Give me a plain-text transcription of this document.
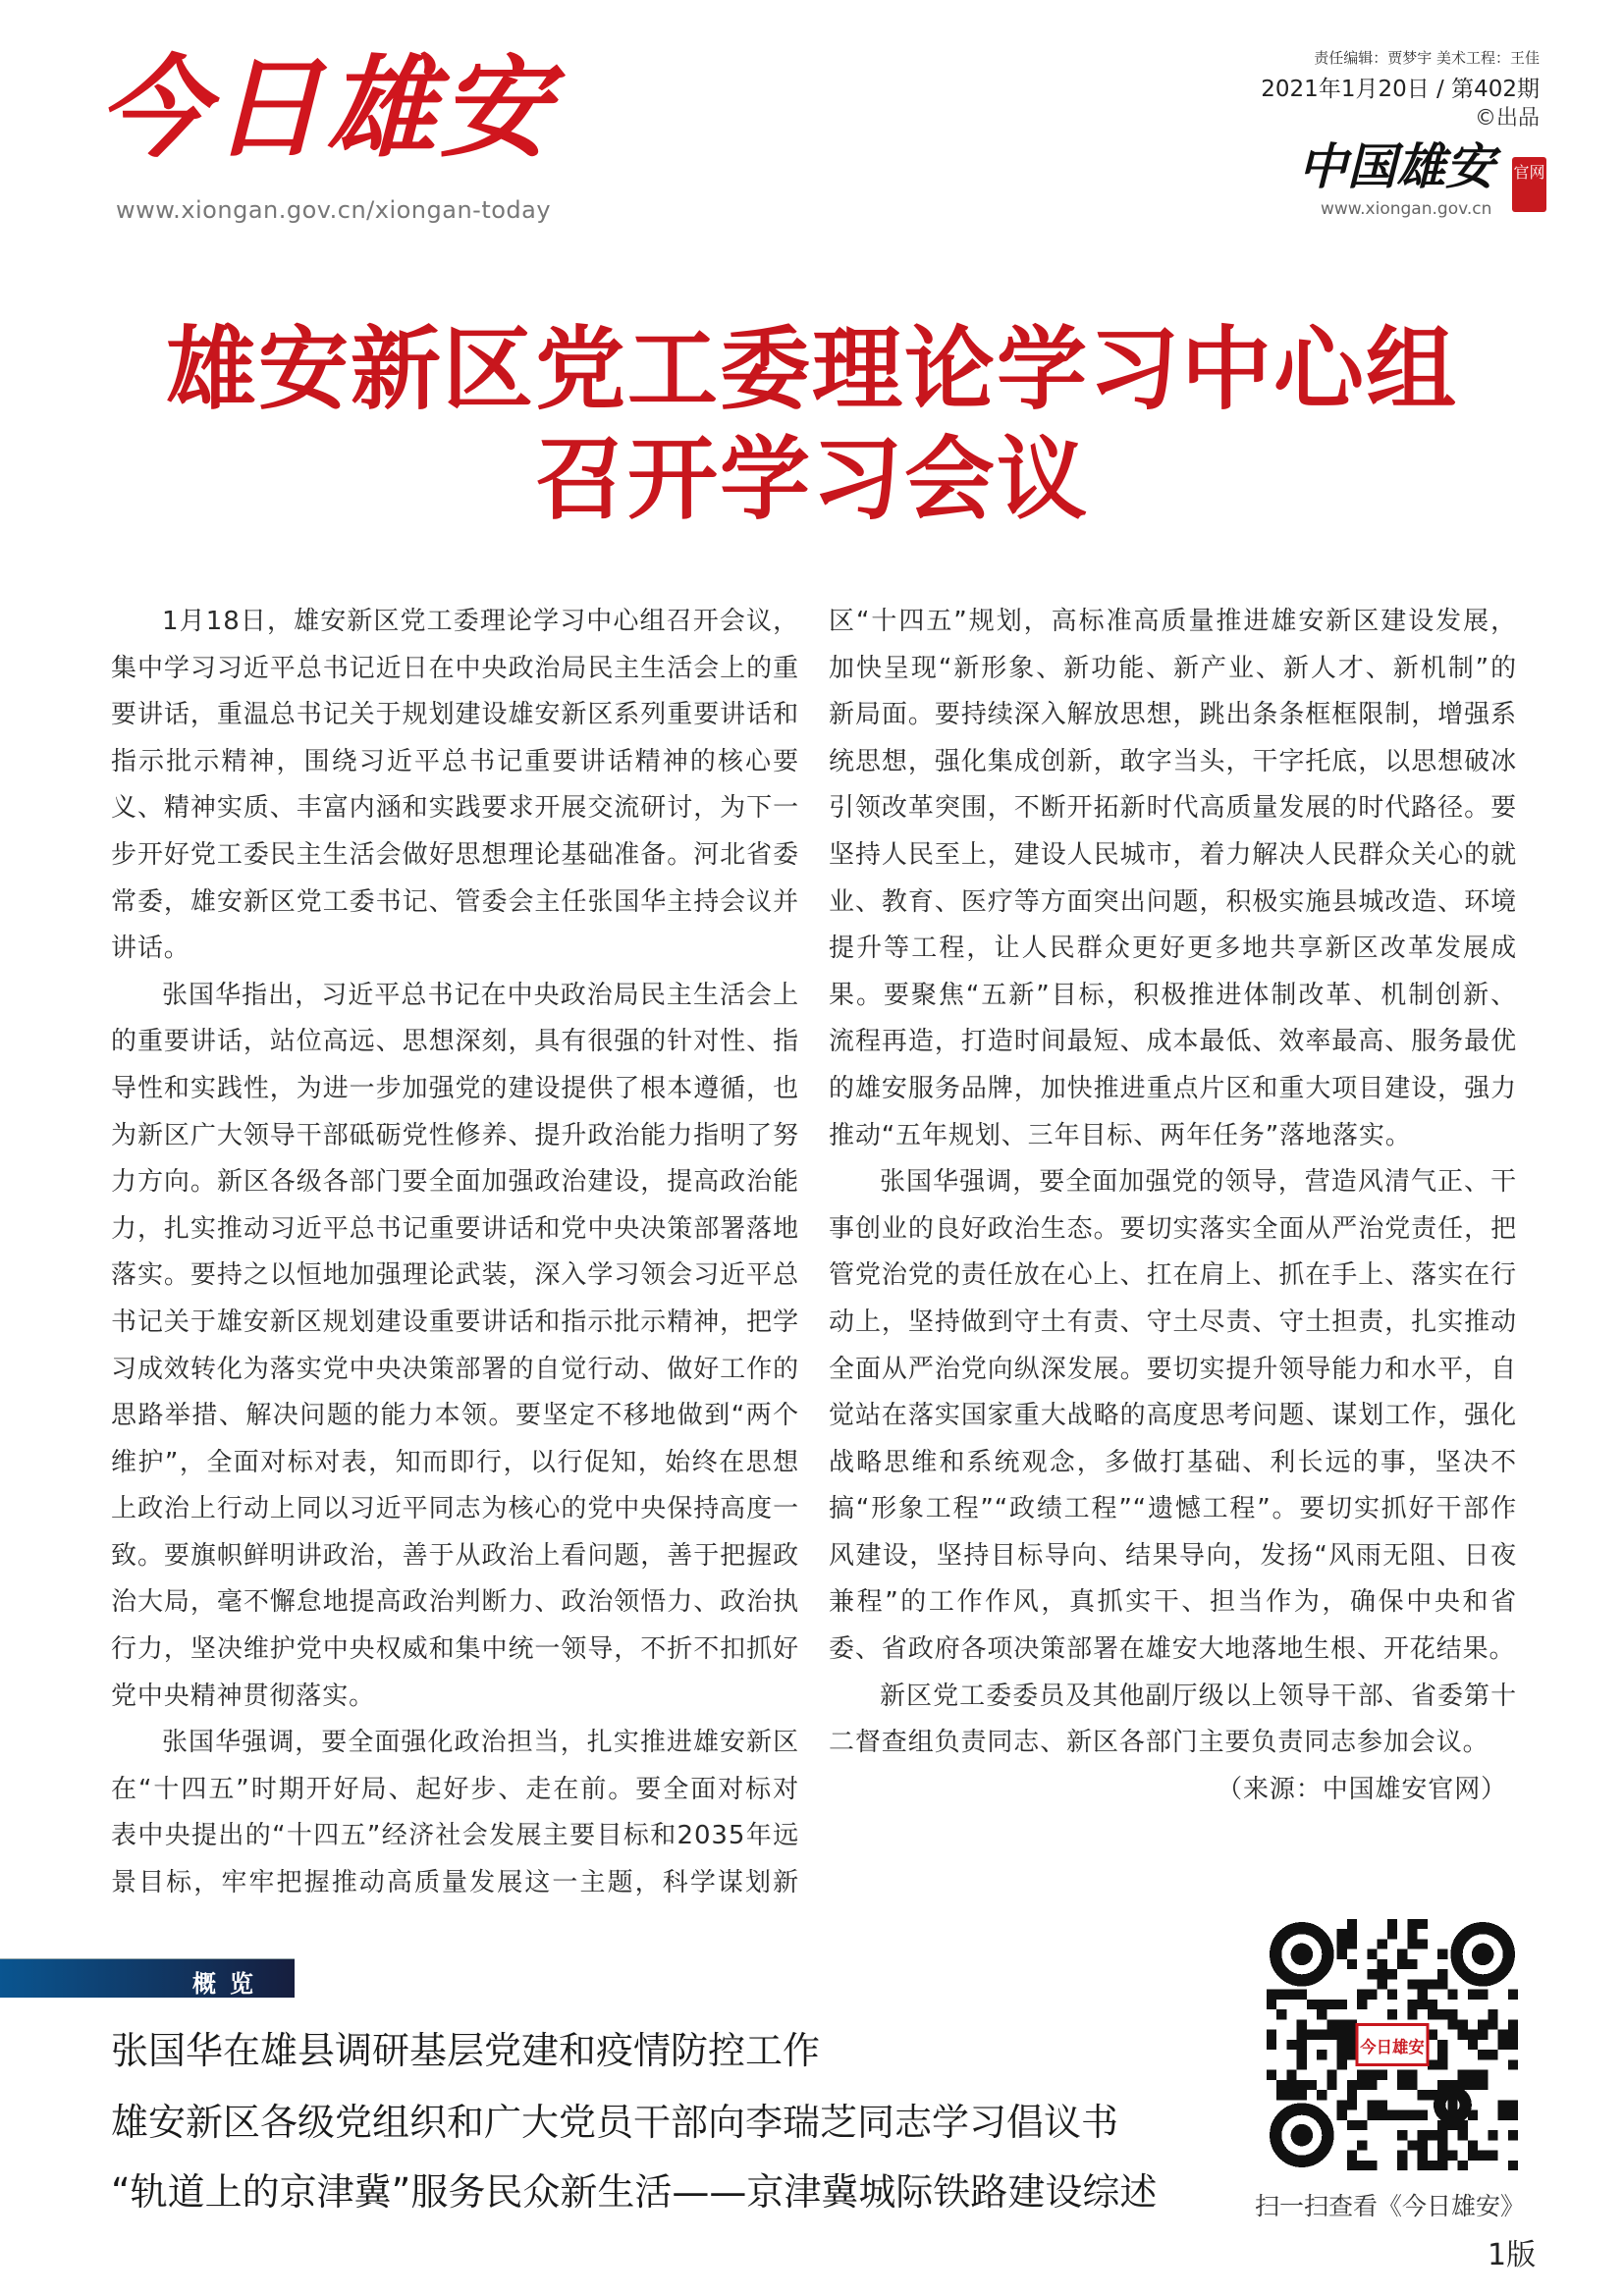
今日雄安
www.xiongan.gov.cn/xiongan-today
责任编辑：贾梦宇 美术工程：王佳
2021年1月20日 / 第402期
©出品
中国雄安
www.xiongan.gov.cn
官网
雄安新区党工委理论学习中心组
召开学习会议

1月18日，雄安新区党工委理论学习中心组召开会议，集中学习习近平总书记近日在中央政治局民主生活会上的重要讲话，重温总书记关于规划建设雄安新区系列重要讲话和指示批示精神，围绕习近平总书记重要讲话精神的核心要义、精神实质、丰富内涵和实践要求开展交流研讨，为下一步开好党工委民主生活会做好思想理论基础准备。河北省委常委，雄安新区党工委书记、管委会主任张国华主持会议并讲话。

张国华指出，习近平总书记在中央政治局民主生活会上的重要讲话，站位高远、思想深刻，具有很强的针对性、指导性和实践性，为进一步加强党的建设提供了根本遵循，也为新区广大领导干部砥砺党性修养、提升政治能力指明了努力方向。新区各级各部门要全面加强政治建设，提高政治能力，扎实推动习近平总书记重要讲话和党中央决策部署落地落实。要持之以恒地加强理论武装，深入学习领会习近平总书记关于雄安新区规划建设重要讲话和指示批示精神，把学习成效转化为落实党中央决策部署的自觉行动、做好工作的思路举措、解决问题的能力本领。要坚定不移地做到“两个维护”，全面对标对表，知而即行，以行促知，始终在思想上政治上行动上同以习近平同志为核心的党中央保持高度一致。要旗帜鲜明讲政治，善于从政治上看问题，善于把握政治大局，毫不懈怠地提高政治判断力、政治领悟力、政治执行力，坚决维护党中央权威和集中统一领导，不折不扣抓好党中央精神贯彻落实。

张国华强调，要全面强化政治担当，扎实推进雄安新区在“十四五”时期开好局、起好步、走在前。要全面对标对表中央提出的“十四五”经济社会发展主要目标和2035年远景目标，牢牢把握推动高质量发展这一主题，科学谋划新区“十四五”规划，高标准高质量推进雄安新区建设发展，加快呈现“新形象、新功能、新产业、新人才、新机制”的新局面。要持续深入解放思想，跳出条条框框限制，增强系统思想，强化集成创新，敢字当头，干字托底，以思想破冰引领改革突围，不断开拓新时代高质量发展的时代路径。要坚持人民至上，建设人民城市，着力解决人民群众关心的就业、教育、医疗等方面突出问题，积极实施县城改造、环境提升等工程，让人民群众更好更多地共享新区改革发展成果。要聚焦“五新”目标，积极推进体制改革、机制创新、流程再造，打造时间最短、成本最低、效率最高、服务最优的雄安服务品牌，加快推进重点片区和重大项目建设，强力推动“五年规划、三年目标、两年任务”落地落实。

张国华强调，要全面加强党的领导，营造风清气正、干事创业的良好政治生态。要切实落实全面从严治党责任，把管党治党的责任放在心上、扛在肩上、抓在手上、落实在行动上，坚持做到守土有责、守土尽责、守土担责，扎实推动全面从严治党向纵深发展。要切实提升领导能力和水平，自觉站在落实国家重大战略的高度思考问题、谋划工作，强化战略思维和系统观念，多做打基础、利长远的事，坚决不搞“形象工程”“政绩工程”“遗憾工程”。要切实抓好干部作风建设，坚持目标导向、结果导向，发扬“风雨无阻、日夜兼程”的工作作风，真抓实干、担当作为，确保中央和省委、省政府各项决策部署在雄安大地落地生根、开花结果。

新区党工委委员及其他副厅级以上领导干部、省委第十二督查组负责同志、新区各部门主要负责同志参加会议。

（来源：中国雄安官网）

概览
张国华在雄县调研基层党建和疫情防控工作
雄安新区各级党组织和广大党员干部向李瑞芝同志学习倡议书
“轨道上的京津冀”服务民众新生活——京津冀城际铁路建设综述
今日雄安
扫一扫查看《今日雄安》
1版
